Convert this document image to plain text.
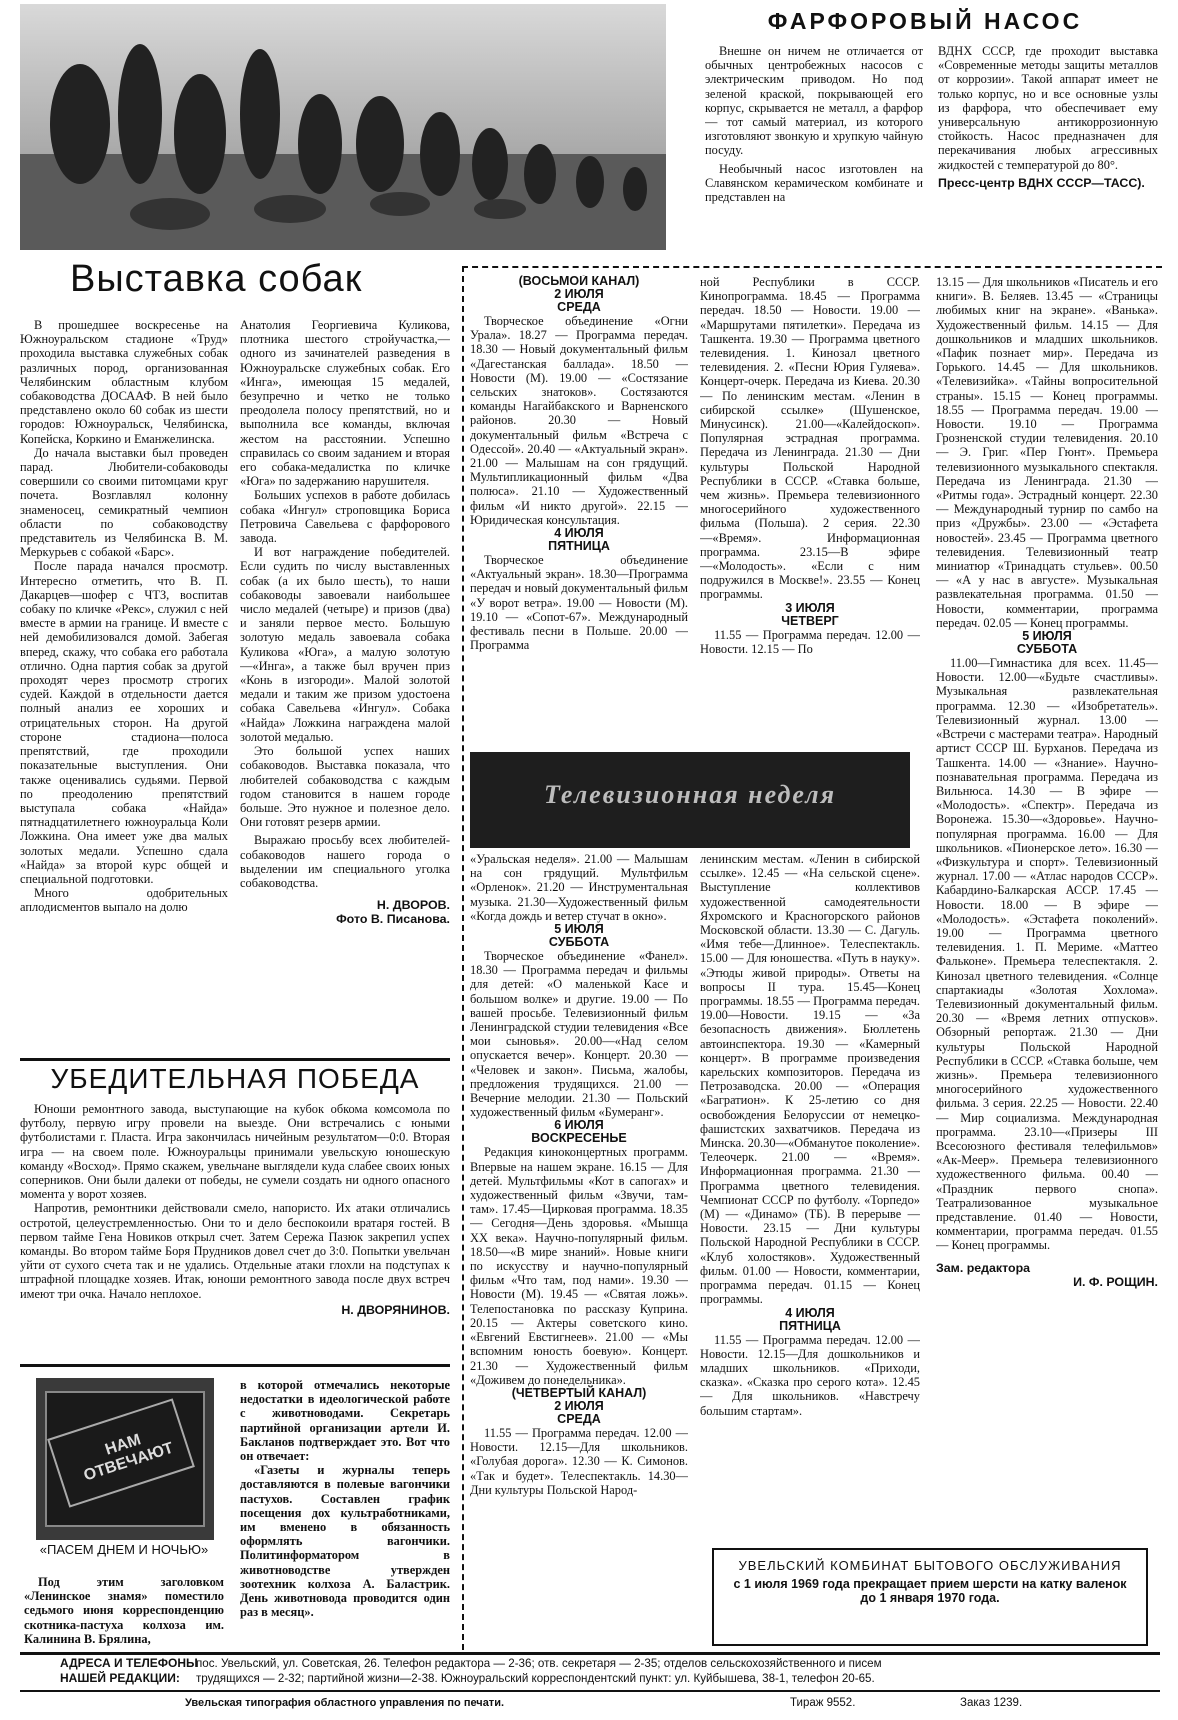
ФАРФОРОВЫЙ НАСОС

Внешне он ничем не отличается от обычных центробежных насосов с электрическим приводом. Но под зеленой краской, покрывающей его корпус, скрывается не металл, а фарфор — тот самый материал, из которого изготовляют звонкую и хрупкую чайную посуду.

Необычный насос изготовлен на Славянском керамическом комбинате и представлен на

ВДНХ СССР, где проходит выставка «Современные методы защиты металлов от коррозии». Такой аппарат имеет не только корпус, но и все основные узлы из фарфора, что обеспечивает ему универсальную антикоррозионную стойкость. Насос предназначен для перекачивания любых агрессивных жидкостей с температурой до 80°.

Пресс-центр ВДНХ СССР—ТАСС).

Выставка собак

В прошедшее воскресенье на Южноуральском стадионе «Труд» проходила выставка служебных собак различных пород, организованная Челябинским областным клубом собаководства ДОСААФ. В ней было представлено около 60 собак из шести городов: Южноуральск, Челябинска, Копейска, Коркино и Еманжелинска.

До начала выставки был проведен парад. Любители-собаководы совершили со своими питомцами круг почета. Возглавлял колонну знаменосец, семикратный чемпион области по собаководству представитель из Челябинска В. М. Меркурьев с собакой «Барс».

После парада начался просмотр. Интересно отметить, что В. П. Дакарцев—шофер с ЧТЗ, воспитав собаку по кличке «Рекс», служил с ней вместе в армии на границе. И вместе с ней демобилизовался домой. Забегая вперед, скажу, что собака его работала отлично. Одна партия собак за другой проходят через просмотр строгих судей. Каждой в отдельности дается полный анализ ее хороших и отрицательных сторон. На другой стороне стадиона—полоса препятствий, где проходили показательные выступления. Они также оценивались судьями. Первой по преодолению препятствий выступала собака «Найда» пятнадцатилетнего южноуральца Коли Ложкина. Она имеет уже два малых золотых медали. Успешно сдала «Найда» за второй курс общей и специальной подготовки.

Много одобрительных аплодисментов выпало на долю

Анатолия Георгиевича Куликова, плотника шестого стройучастка,—одного из зачинателей разведения в Южноуральске служебных собак. Его «Инга», имеющая 15 медалей, безупречно и четко не только преодолела полосу препятствий, но и выполнила все команды, включая жестом на расстоянии. Успешно справилась со своим заданием и вторая его собака-медалистка по кличке «Юга» по задержанию нарушителя.

Больших успехов в работе добилась собака «Ингул» строповщика Бориса Петровича Савельева с фарфорового завода.

И вот награждение победителей. Если судить по числу выставленных собак (а их было шесть), то наши собаководы завоевали наибольшее число медалей (четыре) и призов (два) и заняли первое место. Большую золотую медаль завоевала собака Куликова «Юга», а малую золотую—«Инга», а также был вручен приз «Конь в изгороди». Малой золотой медали и таким же призом удостоена собака Савельева «Ингул». Собака «Найда» Ложкина награждена малой золотой медалью.

Это большой успех наших собаководов. Выставка показала, что любителей собаководства с каждым годом становится в нашем городе больше. Это нужное и полезное дело. Они готовят резерв армии.

Выражаю просьбу всех любителей-собаководов нашего города о выделении им специального уголка собаководства.

Н. ДВОРОВ.

Фото В. Писанова.

УБЕДИТЕЛЬНАЯ ПОБЕДА

Юноши ремонтного завода, выступающие на кубок обкома комсомола по футболу, первую игру провели на выезде. Они встречались с юными футболистами г. Пласта. Игра закончилась ничейным результатом—0:0. Вторая игра — на своем поле. Южноуральцы принимали увельскую юношескую команду «Восход». Прямо скажем, увельчане выглядели куда слабее своих юных соперников. Они были далеки от победы, не сумели создать ни одного опасного момента у ворот хозяев.

Напротив, ремонтники действовали смело, напористо. Их атаки отличались остротой, целеустремленностью. Они то и дело беспокоили вратаря гостей. В первом тайме Гена Новиков открыл счет. Затем Сережа Пазюк закрепил успех команды. Во втором тайме Боря Прудников довел счет до 3:0. Попытки увельчан уйти от сухого счета так и не удались. Отдельные атаки глохли на подступах к штрафной площадке хозяев. Итак, юноши ремонтного завода после двух встреч имеют три очка. Начало неплохое.

Н. ДВОРЯНИНОВ.

НАМ ОТВЕЧАЮТ
«ПАСЕМ ДНЕМ И НОЧЬЮ»

Под этим заголовком «Ленинское знамя» поместило седьмого июня корреспонденцию скотника-пастуха колхоза им. Калинина В. Брялина,

в которой отмечались некоторые недостатки в идеологической работе с животноводами. Секретарь партийной организации артели И. Бакланов подтверждает это. Вот что он отвечает:

«Газеты и журналы теперь доставляются в полевые вагончики пастухов. Составлен график посещения дох культработниками, им вменено в обязанность оформлять вагончики. Политинформатором в животноводстве утвержден зоотехник колхоза А. Баластрик. День животновода проводится один раз в месяц».

(ВОСЬМОЙ КАНАЛ)

2 ИЮЛЯ

СРЕДА

Творческое объединение «Огни Урала». 18.27 — Программа передач. 18.30 — Новый документальный фильм «Дагестанская баллада». 18.50 — Новости (М). 19.00 — «Состязание сельских знатоков». Состязаются команды Нагайбакского и Варненского районов. 20.30 — Новый документальный фильм «Встреча с Одессой». 20.40 — «Актуальный экран». 21.00 — Малышам на сон грядущий. Мультипликационный фильм «Два полюса». 21.10 — Художественный фильм «И никто другой». 22.15 — Юридическая консультация.

4 ИЮЛЯ

ПЯТНИЦА

Творческое объединение «Актуальный экран». 18.30—Программа передач и новый документальный фильм «У ворот ветра». 19.00 — Новости (М). 19.10 — «Сопот-67». Международный фестиваль песни в Польше. 20.00 — Программа

ной Республики в СССР. Кинопрограмма. 18.45 — Программа передач. 18.50 — Новости. 19.00 — «Маршрутами пятилетки». Передача из Ташкента. 19.30 — Программа цветного телевидения. 1. Кинозал цветного телевидения. 2. «Песни Юрия Гуляева». Концерт-очерк. Передача из Киева. 20.30 — По ленинским местам. «Ленин в сибирской ссылке» (Шушенское, Минусинск). 21.00—«Калейдоскоп». Популярная эстрадная программа. Передача из Ленинграда. 21.30 — Дни культуры Польской Народной Республики в СССР. «Ставка больше, чем жизнь». Премьера телевизионного многосерийного художественного фильма (Польша). 2 серия. 22.30—«Время». Информационная программа. 23.15—В эфире—«Молодость». «Если с ним подружился в Москве!». 23.55 — Конец программы.

3 ИЮЛЯ

ЧЕТВЕРГ

11.55 — Программа передач. 12.00 — Новости. 12.15 — По

13.15 — Для школьников «Писатель и его книги». В. Беляев. 13.45 — «Страницы любимых книг на экране». «Ванька». Художественный фильм. 14.15 — Для дошкольников и младших школьников. «Пафик познает мир». Передача из Горького. 14.45 — Для школьников. «Телевизийка». «Тайны вопросительной страны». 15.15 — Конец программы. 18.55 — Программа передач. 19.00 — Новости. 19.10 — Программа Грозненской студии телевидения. 20.10 — Э. Григ. «Пер Гюнт». Премьера телевизионного музыкального спектакля. Передача из Ленинграда. 21.30 — «Ритмы года». Эстрадный концерт. 22.30 — Международный турнир по самбо на приз «Дружбы». 23.00 — «Эстафета новостей». 23.45 — Программа цветного телевидения. Телевизионный театр миниатюр «Тринадцать стульев». 00.50 — «А у нас в августе». Музыкальная развлекательная программа. 01.50 — Новости, комментарии, программа передач. 02.05 — Конец программы.

5 ИЮЛЯ

СУББОТА

11.00—Гимнастика для всех. 11.45—Новости. 12.00—«Будьте счастливы». Музыкальная развлекательная программа. 12.30 — «Изобретатель». Телевизионный журнал. 13.00 — «Встречи с мастерами театра». Народный артист СССР Ш. Бурханов. Передача из Ташкента. 14.00 — «Знание». Научно-познавательная программа. Передача из Вильнюса. 14.30 — В эфире — «Молодость». «Спектр». Передача из Воронежа. 15.30—«Здоровье». Научно-популярная программа. 16.00 — Для школьников. «Пионерское лето». 16.30 — «Физкультура и спорт». Телевизионный журнал. 17.00 — «Атлас народов СССР». Кабардино-Балкарская АССР. 17.45 — Новости. 18.00 — В эфире — «Молодость». «Эстафета поколений». 19.00 — Программа цветного телевидения. 1. П. Мериме. «Маттео Фальконе». Премьера телеспектакля. 2. Кинозал цветного телевидения. «Солнце спартакиады «Золотая Хохлома». Телевизионный документальный фильм. 20.30 — «Время летних отпусков». Обзорный репортаж. 21.30 — Дни культуры Польской Народной Республики в СССР. «Ставка больше, чем жизнь». Премьера телевизионного многосерийного художественного фильма. 3 серия. 22.25 — Новости. 22.40 — Мир социализма. Международная программа. 23.10—«Призеры III Всесоюзного фестиваля телефильмов» «Ак-Меер». Премьера телевизионного художественного фильма. 00.40 — «Праздник первого снопа». Театрализованное музыкальное представление. 01.40 — Новости, комментарии, программа передач. 01.55 — Конец программы.

Зам. редактора

И. Ф. РОЩИН.

Телевизионная неделя

«Уральская неделя». 21.00 — Малышам на сон грядущий. Мультфильм «Орленок». 21.20 — Инструментальная музыка. 21.30—Художественный фильм «Когда дождь и ветер стучат в окно».

5 ИЮЛЯ

СУББОТА

Творческое объединение «Фанел». 18.30 — Программа передач и фильмы для детей: «О маленькой Касе и большом волке» и другие. 19.00 — По вашей просьбе. Телевизионный фильм Ленинградской студии телевидения «Все мои сыновья». 20.00—«Над селом опускается вечер». Концерт. 20.30 — «Человек и закон». Письма, жалобы, предложения трудящихся. 21.00 — Вечерние мелодии. 21.30 — Польский художественный фильм «Бумеранг».

6 ИЮЛЯ

ВОСКРЕСЕНЬЕ

Редакция киноконцертных программ. Впервые на нашем экране. 16.15 — Для детей. Мультфильмы «Кот в сапогах» и художественный фильм «Звучи, там-там». 17.45—Цирковая программа. 18.35 — Сегодня—День здоровья. «Мышца XX века». Научно-популярный фильм. 18.50—«В мире знаний». Новые книги по искусству и научно-популярный фильм «Что там, под нами». 19.30 — Новости (М). 19.45 — «Святая ложь». Телепостановка по рассказу Куприна. 20.15 — Актеры советского кино. «Евгений Евстигнеев». 21.00 — «Мы вспомним юность боевую». Концерт. 21.30 — Художественный фильм «Доживем до понедельника».

(ЧЕТВЕРТЫЙ КАНАЛ)

2 ИЮЛЯ

СРЕДА

11.55 — Программа передач. 12.00 — Новости. 12.15—Для школьников. «Голубая дорога». 12.30 — К. Симонов. «Так и будет». Телеспектакль. 14.30—Дни культуры Польской Народ-

ленинским местам. «Ленин в сибирской ссылке». 12.45 — «На сельской сцене». Выступление коллективов художественной самодеятельности Яхромского и Красногорского районов Московской области. 13.30 — С. Дагуль. «Имя тебе—Длинное». Телеспектакль. 15.00 — Для юношества. «Путь в науку». «Этюды живой природы». Ответы на вопросы II тура. 15.45—Конец программы. 18.55 — Программа передач. 19.00—Новости. 19.15 — «За безопасность движения». Бюллетень автоинспектора. 19.30 — «Камерный концерт». В программе произведения карельских композиторов. Передача из Петрозаводска. 20.00 — «Операция «Багратион». К 25-летию со дня освобождения Белоруссии от немецко-фашистских захватчиков. Передача из Минска. 20.30—«Обманутое поколение». Телеочерк. 21.00 — «Время». Информационная программа. 21.30 — Программа цветного телевидения. Чемпионат СССР по футболу. «Торпедо» (М) — «Динамо» (ТБ). В перерыве — Новости. 23.15 — Дни культуры Польской Народной Республики в СССР. «Клуб холостяков». Художественный фильм. 01.00 — Новости, комментарии, программа передач. 01.15 — Конец программы.

4 ИЮЛЯ

ПЯТНИЦА

11.55 — Программа передач. 12.00 — Новости. 12.15—Для дошкольников и младших школьников. «Приходи, сказка». «Сказка про серого кота». 12.45 — Для школьников. «Навстречу большим стартам».

УВЕЛЬСКИЙ КОМБИНАТ БЫТОВОГО ОБСЛУЖИВАНИЯ
с 1 июля 1969 года прекращает прием шерсти на катку валенок до 1 января 1970 года.
АДРЕСА И ТЕЛЕФОНЫ
НАШЕЙ РЕДАКЦИИ:
пос. Увельский, ул. Советская, 26. Телефон редактора — 2-36; отв. секретаря — 2-35; отделов сельскохозяйственного и писем
трудящихся — 2-32; партийной жизни—2-38. Южноуральский корреспондентский пункт: ул. Куйбышева, 38-1, телефон 20-65.
Увельская типография областного управления по печати.	Тираж 9552.	Заказ 1239.
